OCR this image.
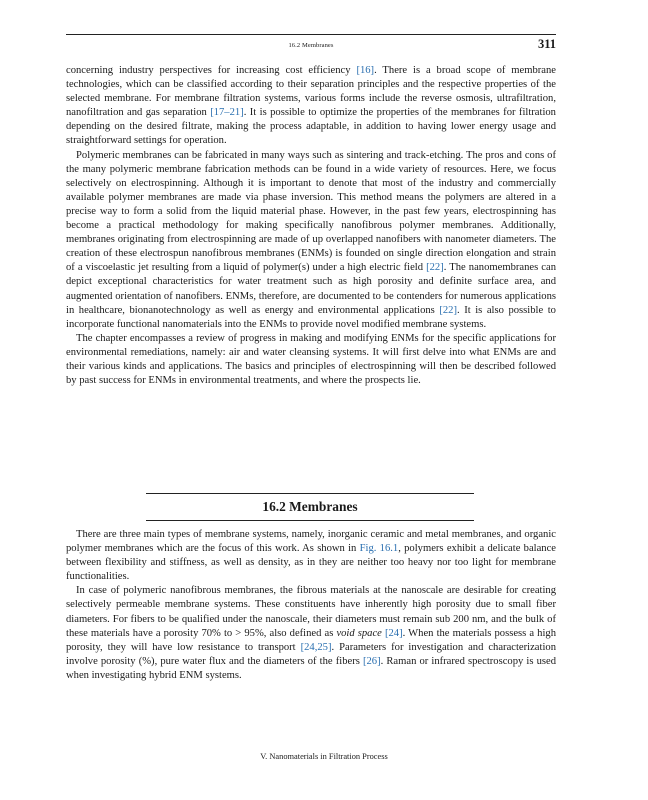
16.2 Membranes	311

concerning industry perspectives for increasing cost efficiency [16]. There is a broad scope of membrane technologies, which can be classified according to their separation principles and the respective properties of the selected membrane. For membrane filtration systems, various forms include the reverse osmosis, ultrafiltration, nanofiltration and gas separation [17–21]. It is possible to optimize the properties of the membranes for filtration depending on the desired filtrate, making the process adaptable, in addition to having lower energy usage and straightforward settings for operation.

Polymeric membranes can be fabricated in many ways such as sintering and track-etching. The pros and cons of the many polymeric membrane fabrication methods can be found in a wide variety of resources. Here, we focus selectively on electrospinning. Although it is important to denote that most of the industry and commercially available polymer membranes are made via phase inversion. This method means the polymers are altered in a precise way to form a solid from the liquid material phase. However, in the past few years, electrospinning has become a practical methodology for making specifically nanofibrous polymer membranes. Additionally, membranes originating from electrospinning are made of up overlapped nanofibers with nanometer diameters. The creation of these electrospun nanofibrous membranes (ENMs) is founded on single direction elongation and strain of a viscoelastic jet resulting from a liquid of polymer(s) under a high electric field [22]. The nanomembranes can depict exceptional characteristics for water treatment such as high porosity and definite surface area, and augmented orientation of nanofibers. ENMs, therefore, are documented to be contenders for numerous applications in healthcare, bionanotechnology as well as energy and environmental applications [22]. It is also possible to incorporate functional nanomaterials into the ENMs to provide novel modified membrane systems.

The chapter encompasses a review of progress in making and modifying ENMs for the specific applications for environmental remediations, namely: air and water cleansing systems. It will first delve into what ENMs are and their various kinds and applications. The basics and principles of electrospinning will then be described followed by past success for ENMs in environmental treatments, and where the prospects lie.

16.2 Membranes

There are three main types of membrane systems, namely, inorganic ceramic and metal membranes, and organic polymer membranes which are the focus of this work. As shown in Fig. 16.1, polymers exhibit a delicate balance between flexibility and stiffness, as well as density, as in they are neither too heavy nor too light for membrane functionalities.

In case of polymeric nanofibrous membranes, the fibrous materials at the nanoscale are desirable for creating selectively permeable membrane systems. These constituents have inherently high porosity due to small fiber diameters. For fibers to be qualified under the nanoscale, their diameters must remain sub 200 nm, and the bulk of these materials have a porosity 70% to > 95%, also defined as void space [24]. When the materials possess a high porosity, they will have low resistance to transport [24,25]. Parameters for investigation and characterization involve porosity (%), pure water flux and the diameters of the fibers [26]. Raman or infrared spectroscopy is used when investigating hybrid ENM systems.

V. Nanomaterials in Filtration Process
